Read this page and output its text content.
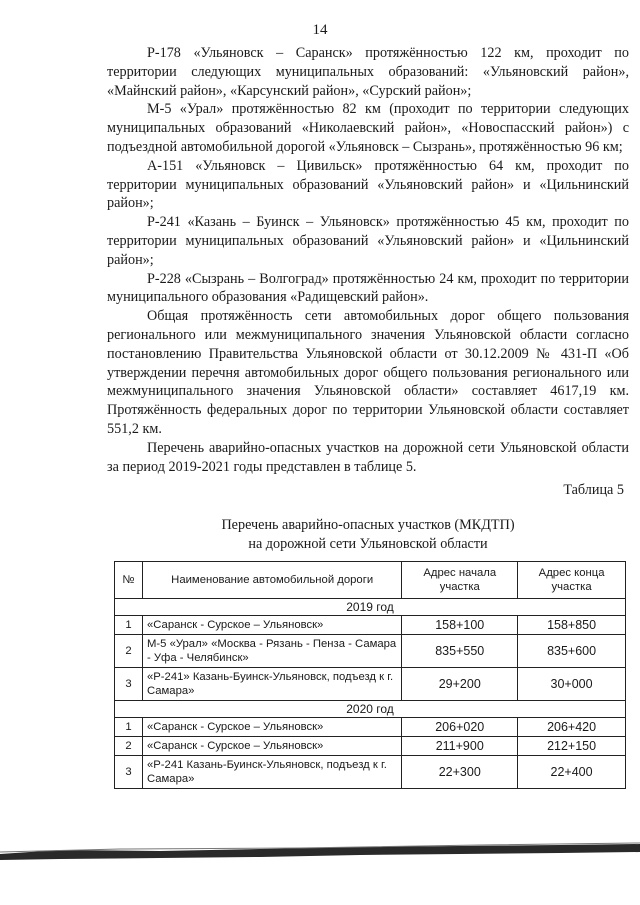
14

Р-178 «Ульяновск – Саранск» протяжённостью 122 км, проходит по территории следующих муниципальных образований: «Ульяновский район», «Майнский район», «Карсунский район», «Сурский район»;

М-5 «Урал» протяжённостью 82 км (проходит по территории следующих муниципальных образований «Николаевский район», «Новоспасский район») с подъездной автомобильной дорогой «Ульяновск – Сызрань», протяжённостью 96 км;

А-151 «Ульяновск – Цивильск» протяжённостью 64 км, проходит по территории муниципальных образований «Ульяновский район» и «Цильнинский район»;

Р-241 «Казань – Буинск – Ульяновск» протяжённостью 45 км, проходит по территории муниципальных образований «Ульяновский район» и «Цильнинский район»;

Р-228 «Сызрань – Волгоград» протяжённостью 24 км, проходит по территории муниципального образования «Радищевский район».

Общая протяжённость сети автомобильных дорог общего пользования регионального или межмуниципального значения Ульяновской области согласно постановлению Правительства Ульяновской области от 30.12.2009 № 431-П «Об утверждении перечня автомобильных дорог общего пользования регионального или межмуниципального значения Ульяновской области» составляет 4617,19 км. Протяжённость федеральных дорог по территории Ульяновской области составляет 551,2 км.

Перечень аварийно-опасных участков на дорожной сети Ульяновской области за период 2019-2021 годы представлен в таблице 5.

Таблица 5
Перечень аварийно-опасных участков (МКДТП)
на дорожной сети Ульяновской области
№	Наименование автомобильной дороги	Адрес начала участка	Адрес конца участка
2019 год			
1	«Саранск - Сурское – Ульяновск»	158+100	158+850
2	М-5 «Урал» «Москва - Рязань - Пенза - Самара - Уфа - Челябинск»	835+550	835+600
3	«Р-241» Казань-Буинск-Ульяновск, подъезд к г. Самара»	29+200	30+000
2020 год			
1	«Саранск - Сурское – Ульяновск»	206+020	206+420
2	«Саранск - Сурское – Ульяновск»	211+900	212+150
3	«Р-241 Казань-Буинск-Ульяновск, подъезд к г. Самара»	22+300	22+400
